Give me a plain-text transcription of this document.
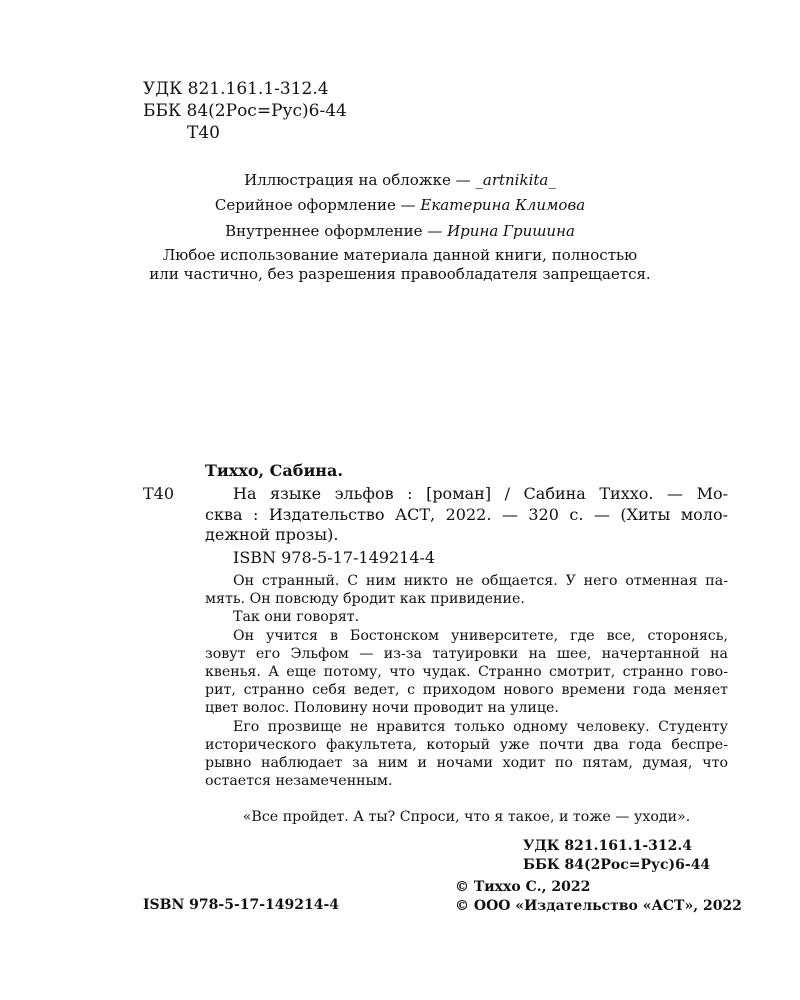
УДК 821.161.1-312.4
ББК 84(2Рос=Рус)6-44
Т40
Иллюстрация на обложке — _artnikita_
Серийное оформление — Екатерина Климова
Внутреннее оформление — Ирина Гришина
Любое использование материала данной книги, полностью
или частично, без разрешения правообладателя запрещается.
Тиххо, Сабина.
Т40	На языке эльфов : [роман] / Сабина Тиххо. — Мо-
сква : Издательство АСТ, 2022. — 320 с. — (Хиты моло-
дежной прозы).
ISBN 978-5-17-149214-4
Он странный. С ним никто не общается. У него отменная па-
мять. Он повсюду бродит как привидение.
Так они говорят.
Он учится в Бостонском университете, где все, сторонясь,
зовут его Эльфом — из-за татуировки на шее, начертанной на
квенья. А еще потому, что чудак. Странно смотрит, странно гово-
рит, странно себя ведет, с приходом нового времени года меняет
цвет волос. Половину ночи проводит на улице.
Его прозвище не нравится только одному человеку. Студенту
исторического факультета, который уже почти два года беспре-
рывно наблюдает за ним и ночами ходит по пятам, думая, что
остается незамеченным.
«Все пройдет. А ты? Спроси, что я такое, и тоже — уходи».
УДК 821.161.1-312.4
ББК 84(2Рос=Рус)6-44
ISBN 978-5-17-149214-4
© Тиххо С., 2022
© ООО «Издательство «АСТ», 2022
